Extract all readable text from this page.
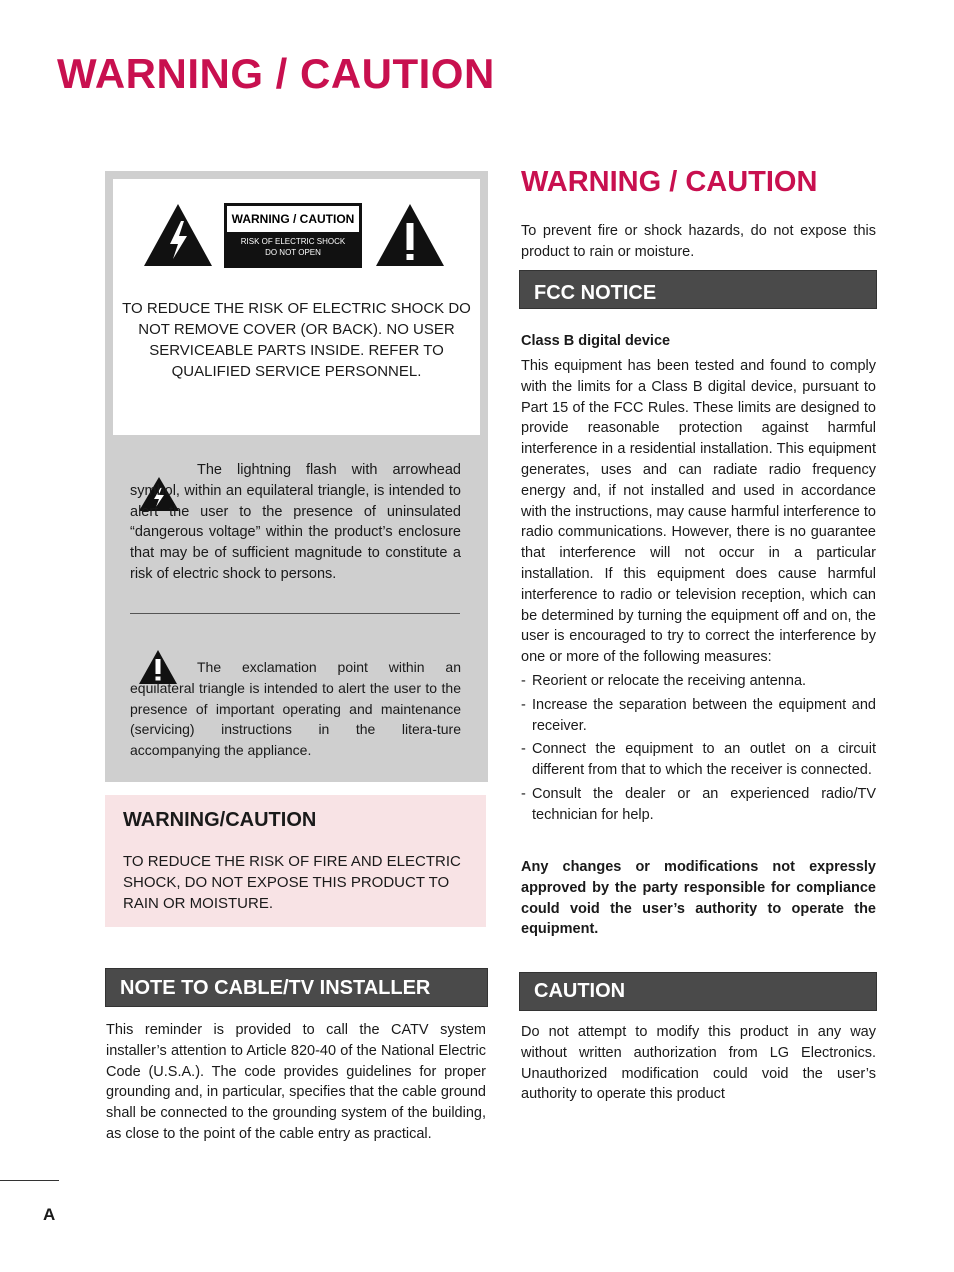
WARNING / CAUTION
WARNING / CAUTION
RISK OF ELECTRIC SHOCK
DO NOT OPEN

TO REDUCE THE RISK OF ELECTRIC SHOCK DO NOT REMOVE COVER (OR BACK). NO USER SERVICEABLE PARTS INSIDE. REFER TO QUALIFIED SERVICE PERSONNEL.

The lightning flash with arrowhead symbol, within an equilateral triangle, is intended to alert the user to the presence of uninsulated “dangerous voltage” within the product’s enclosure that may be of sufficient magnitude to constitute a risk of electric shock to persons.

The exclamation point within an equilateral triangle is intended to alert the user to the presence of important operating and maintenance (servicing) instructions in the litera-ture accompanying the appliance.

WARNING/CAUTION

TO REDUCE THE RISK OF FIRE AND ELECTRIC SHOCK, DO NOT EXPOSE THIS PRODUCT TO RAIN OR MOISTURE.

NOTE TO CABLE/TV INSTALLER

This reminder is provided to call the CATV system installer’s attention to Article 820-40 of the National Electric Code (U.S.A.). The code provides guidelines for proper grounding and, in particular, specifies that the cable ground shall be connected to the grounding system of the building, as close to the point of the cable entry as practical.

WARNING / CAUTION

To prevent fire or shock hazards, do not expose this product to rain or moisture.

FCC NOTICE

Class B digital device

This equipment has been tested and found to comply with the limits for a Class B digital device, pursuant to Part 15 of the FCC Rules. These limits are designed to provide reasonable protection against harmful interference in a residential installation. This equipment generates, uses and can radiate radio frequency energy and, if not installed and used in accordance with the instructions, may cause harmful interference to radio communications. However, there is no guarantee that interference will not occur in a particular installation. If this equipment does cause harmful interference to radio or television reception, which can be determined by turning the equipment off and on, the user is encouraged to try to correct the interference by one or more of the following measures:

- Reorient or relocate the receiving antenna.
- Increase the separation between the equipment and receiver.
- Connect the equipment to an outlet on a circuit different from that to which the receiver is connected.
- Consult the dealer or an experienced radio/TV technician for help.

Any changes or modifications not expressly approved by the party responsible for compliance could void the user’s authority to operate the equipment.

CAUTION

Do not attempt to modify this product in any way without written authorization from LG Electronics. Unauthorized modification could void the user’s authority to operate this product

A
